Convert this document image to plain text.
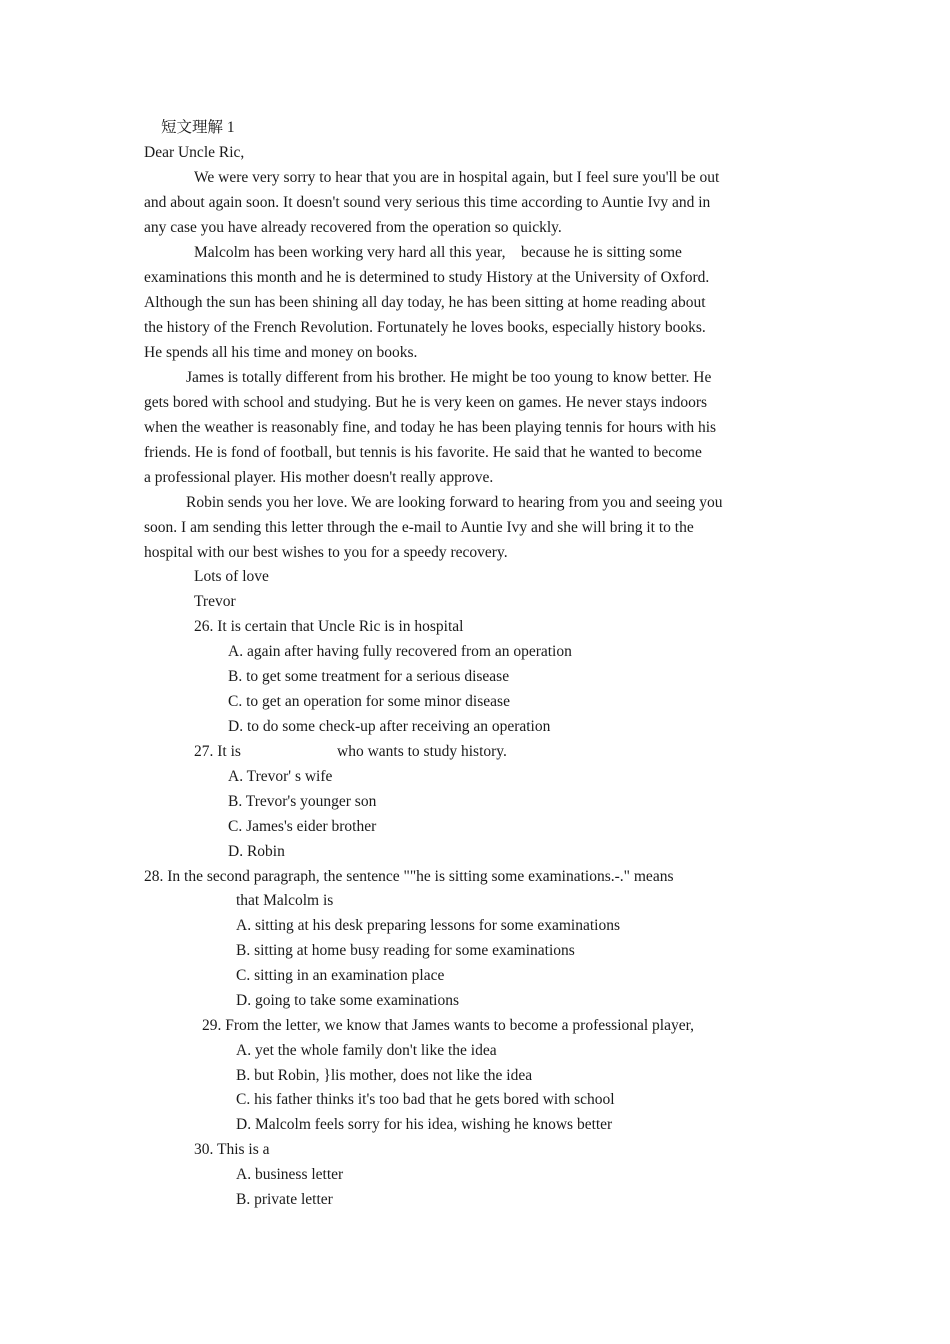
短文理解 1
Dear Uncle Ric,
We were very sorry to hear that you are in hospital again, but I feel sure you'll be out
and about again soon. It doesn't sound very serious this time according to Auntie Ivy and in
any case you have already recovered from the operation so quickly.
Malcolm has been working very hard all this year,    because he is sitting some
examinations this month and he is determined to study History at the University of Oxford.
Although the sun has been shining all day today, he has been sitting at home reading about
the history of the French Revolution. Fortunately he loves books, especially history books.
He spends all his time and money on books.
James is totally different from his brother. He might be too young to know better. He
gets bored with school and studying. But he is very keen on games. He never stays indoors
when the weather is reasonably fine, and today he has been playing tennis for hours with his
friends. He is fond of football, but tennis is his favorite. He said that he wanted to become
a professional player. His mother doesn't really approve.
Robin sends you her love. We are looking forward to hearing from you and seeing you
soon. I am sending this letter through the e-mail to Auntie Ivy and she will bring it to the
hospital with our best wishes to you for a speedy recovery.
Lots of love
Trevor
26. It is certain that Uncle Ric is in hospital
A. again after having fully recovered from an operation
B. to get some treatment for a serious disease
C. to get an operation for some minor disease
D. to do some check-up after receiving an operation
27. It is	who wants to study history.
A. Trevor' s wife
B. Trevor's younger son
C. James's eider brother
D. Robin
28. In the second paragraph, the sentence ""he is sitting some examinations.-." means
that Malcolm is
A. sitting at his desk preparing lessons for some examinations
B. sitting at home busy reading for some examinations
C. sitting in an examination place
D. going to take some examinations
29. From the letter, we know that James wants to become a professional player,
A. yet the whole family don't like the idea
B. but Robin, }lis mother, does not like the idea
C. his father thinks it's too bad that he gets bored with school
D. Malcolm feels sorry for his idea, wishing he knows better
30. This is a
A. business letter
B. private letter
